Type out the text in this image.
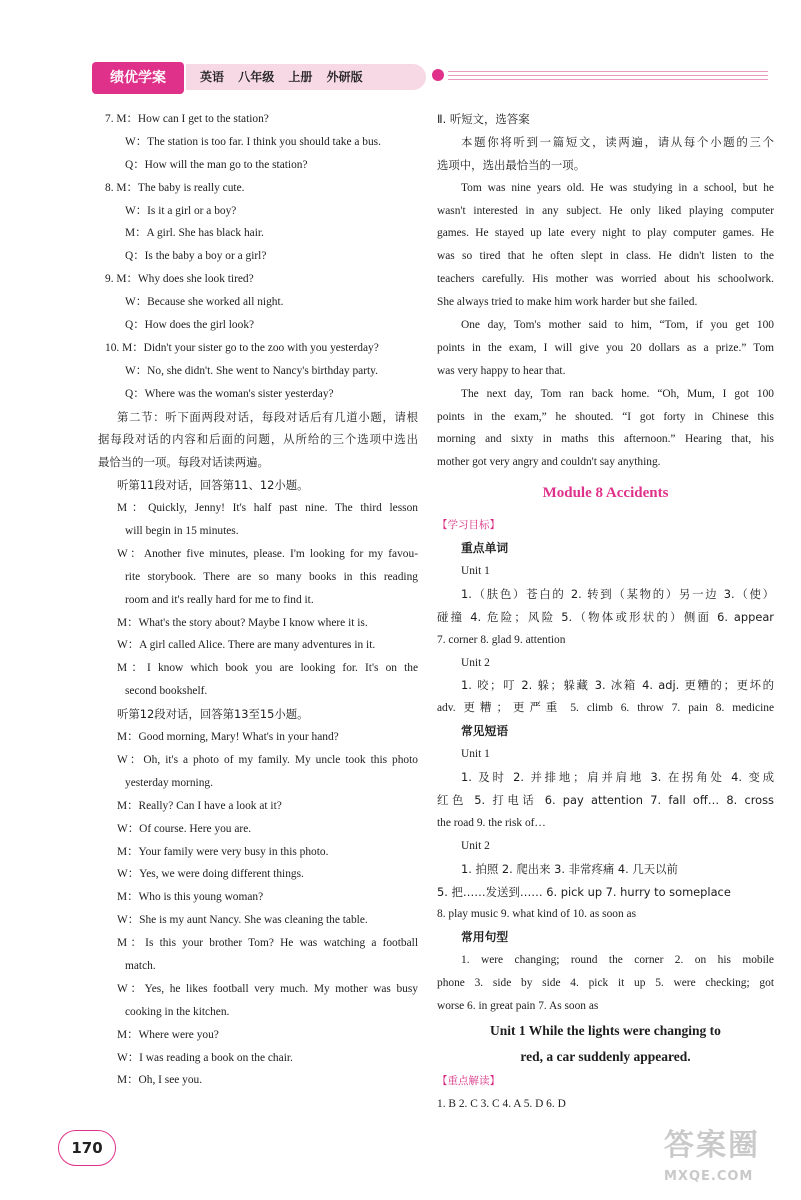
绩优学案	英语 八年级 上册 外研版
7. M：How can I get to the station?
W：The station is too far. I think you should take a bus.
Q：How will the man go to the station?
8. M：The baby is really cute.
W：Is it a girl or a boy?
M：A girl. She has black hair.
Q：Is the baby a boy or a girl?
9. M：Why does she look tired?
W：Because she worked all night.
Q：How does the girl look?
10. M：Didn't your sister go to the zoo with you yesterday?
W：No, she didn't. She went to Nancy's birthday party.
Q：Where was the woman's sister yesterday?
第二节：听下面两段对话，每段对话后有几道小题，请根
据每段对话的内容和后面的问题，从所给的三个选项中选出
最恰当的一项。每段对话读两遍。
听第11段对话，回答第11、12小题。
M：Quickly, Jenny! It's half past nine. The third lesson
will begin in 15 minutes.
W：Another five minutes, please. I'm looking for my favou-
rite storybook. There are so many books in this reading
room and it's really hard for me to find it.
M：What's the story about? Maybe I know where it is.
W：A girl called Alice. There are many adventures in it.
M：I know which book you are looking for. It's on the
second bookshelf.
听第12段对话，回答第13至15小题。
M：Good morning, Mary! What's in your hand?
W：Oh, it's a photo of my family. My uncle took this photo
yesterday morning.
M：Really? Can I have a look at it?
W：Of course. Here you are.
M：Your family were very busy in this photo.
W：Yes, we were doing different things.
M：Who is this young woman?
W：She is my aunt Nancy. She was cleaning the table.
M：Is this your brother Tom? He was watching a football
match.
W：Yes, he likes football very much. My mother was busy
cooking in the kitchen.
M：Where were you?
W：I was reading a book on the chair.
M：Oh, I see you.
Ⅱ. 听短文，选答案
本题你将听到一篇短文，读两遍，请从每个小题的三个
选项中，选出最恰当的一项。
Tom was nine years old. He was studying in a school, but he
wasn't interested in any subject. He only liked playing computer
games. He stayed up late every night to play computer games. He
was so tired that he often slept in class. He didn't listen to the
teachers carefully. His mother was worried about his schoolwork.
She always tried to make him work harder but she failed.
One day, Tom's mother said to him, “Tom, if you get 100
points in the exam, I will give you 20 dollars as a prize.” Tom
was very happy to hear that.
The next day, Tom ran back home. “Oh, Mum, I got 100
points in the exam,” he shouted. “I got forty in Chinese this
morning and sixty in maths this afternoon.” Hearing that, his
mother got very angry and couldn't say anything.
Module 8 Accidents
【学习目标】
重点单词
Unit 1
1.（肤色）苍白的 2. 转到（某物的）另一边 3.（使）
碰撞 4. 危险；风险 5.（物体或形状的）侧面 6. appear
7. corner 8. glad 9. attention
Unit 2
1. 咬；叮 2. 躲；躲藏 3. 冰箱 4. adj. 更糟的；更坏的
adv. 更糟；更严重 5. climb 6. throw 7. pain 8. medicine
常见短语
Unit 1
1. 及时 2. 并排地；肩并肩地 3. 在拐角处 4. 变成
红色 5. 打电话 6. pay attention 7. fall off… 8. cross
the road 9. the risk of…
Unit 2
1. 拍照 2. 爬出来 3. 非常疼痛 4. 几天以前
5. 把……发送到…… 6. pick up 7. hurry to someplace
8. play music 9. what kind of 10. as soon as
常用句型
1. were changing; round the corner 2. on his mobile
phone 3. side by side 4. pick it up 5. were checking; got
worse 6. in great pain 7. As soon as
Unit 1 While the lights were changing to
red, a car suddenly appeared.
【重点解读】
1. B 2. C 3. C 4. A 5. D 6. D
170	答案圈
MXQE.COM
